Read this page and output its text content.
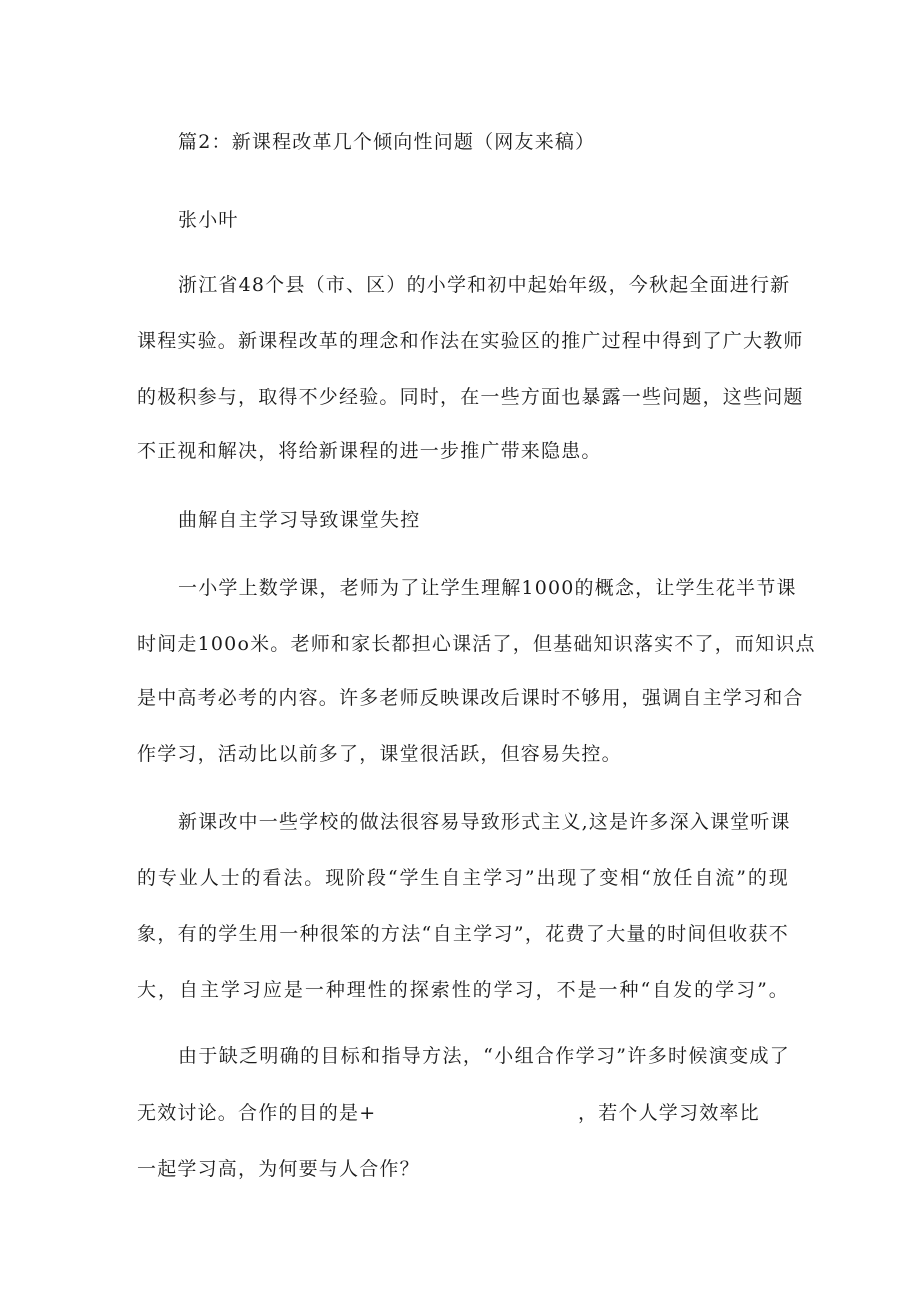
篇2：新课程改革几个倾向性问题（网友来稿）
张小叶
浙江省48个县（市、区）的小学和初中起始年级，今秋起全面进行新
课程实验。新课程改革的理念和作法在实验区的推广过程中得到了广大教师
的极积参与，取得不少经验。同时，在一些方面也暴露一些问题，这些问题
不正视和解决，将给新课程的进一步推广带来隐患。
曲解自主学习导致课堂失控
一小学上数学课，老师为了让学生理解1000的概念，让学生花半节课
时间走100o米。老师和家长都担心课活了，但基础知识落实不了，而知识点
是中高考必考的内容。许多老师反映课改后课时不够用，强调自主学习和合
作学习，活动比以前多了，课堂很活跃，但容易失控。
新课改中一些学校的做法很容易导致形式主义,这是许多深入课堂听课
的专业人士的看法。现阶段“学生自主学习”出现了变相“放任自流”的现
象，有的学生用一种很笨的方法“自主学习”，花费了大量的时间但收获不
大，自主学习应是一种理性的探索性的学习，不是一种“自发的学习”。
由于缺乏明确的目标和指导方法，“小组合作学习”许多时候演变成了
无效讨论。合作的目的是+	，若个人学习效率比
一起学习高，为何要与人合作？
